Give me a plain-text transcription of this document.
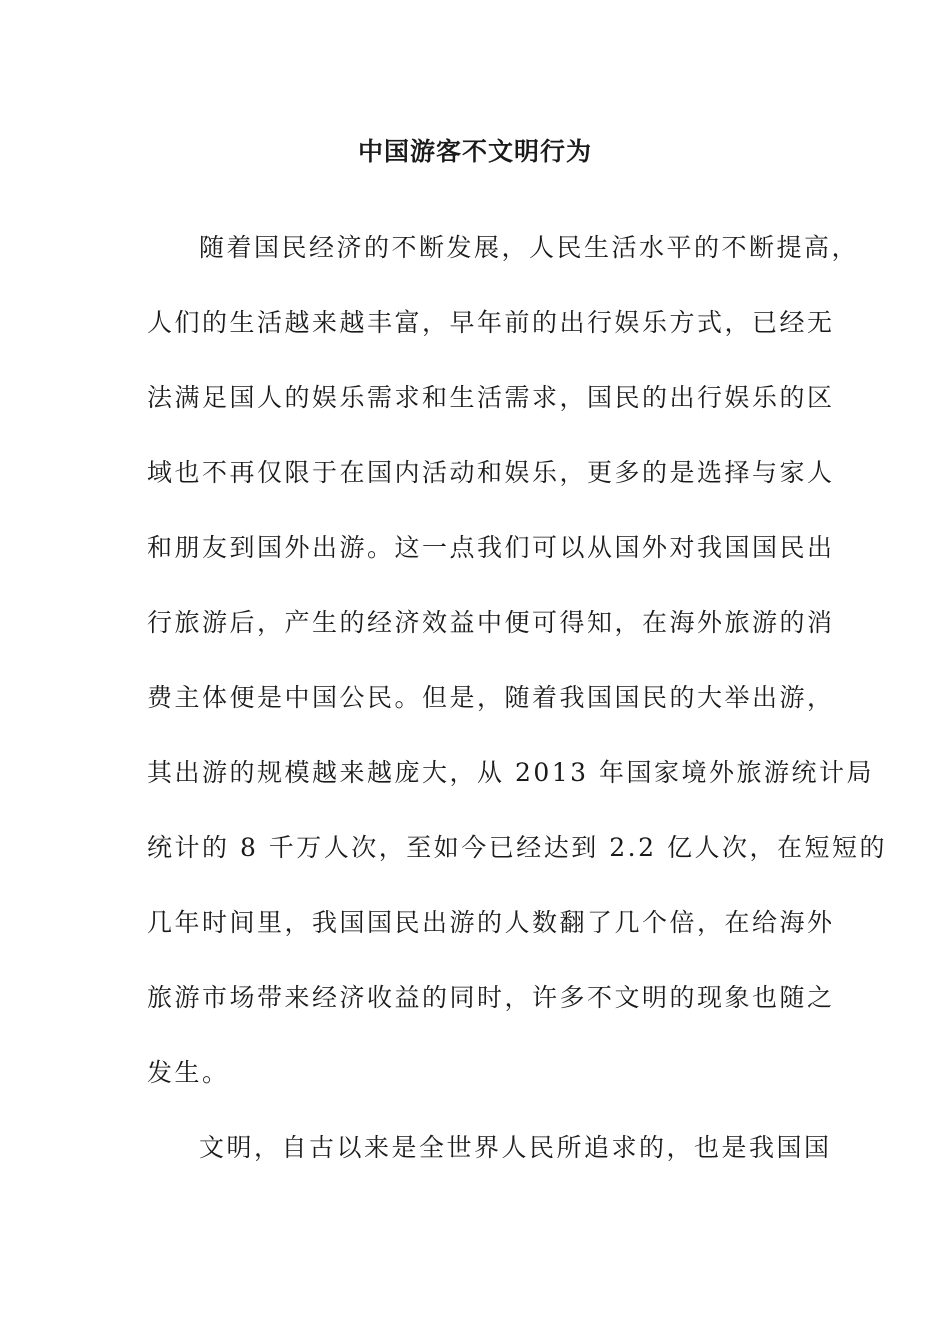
中国游客不文明行为

随着国民经济的不断发展，人民生活水平的不断提高，
人们的生活越来越丰富，早年前的出行娱乐方式，已经无
法满足国人的娱乐需求和生活需求，国民的出行娱乐的区
域也不再仅限于在国内活动和娱乐，更多的是选择与家人
和朋友到国外出游。这一点我们可以从国外对我国国民出
行旅游后，产生的经济效益中便可得知，在海外旅游的消
费主体便是中国公民。但是，随着我国国民的大举出游，
其出游的规模越来越庞大，从 2013 年国家境外旅游统计局
统计的 8 千万人次，至如今已经达到 2.2 亿人次，在短短的
几年时间里，我国国民出游的人数翻了几个倍，在给海外
旅游市场带来经济收益的同时，许多不文明的现象也随之
发生。

文明，自古以来是全世界人民所追求的，也是我国国
